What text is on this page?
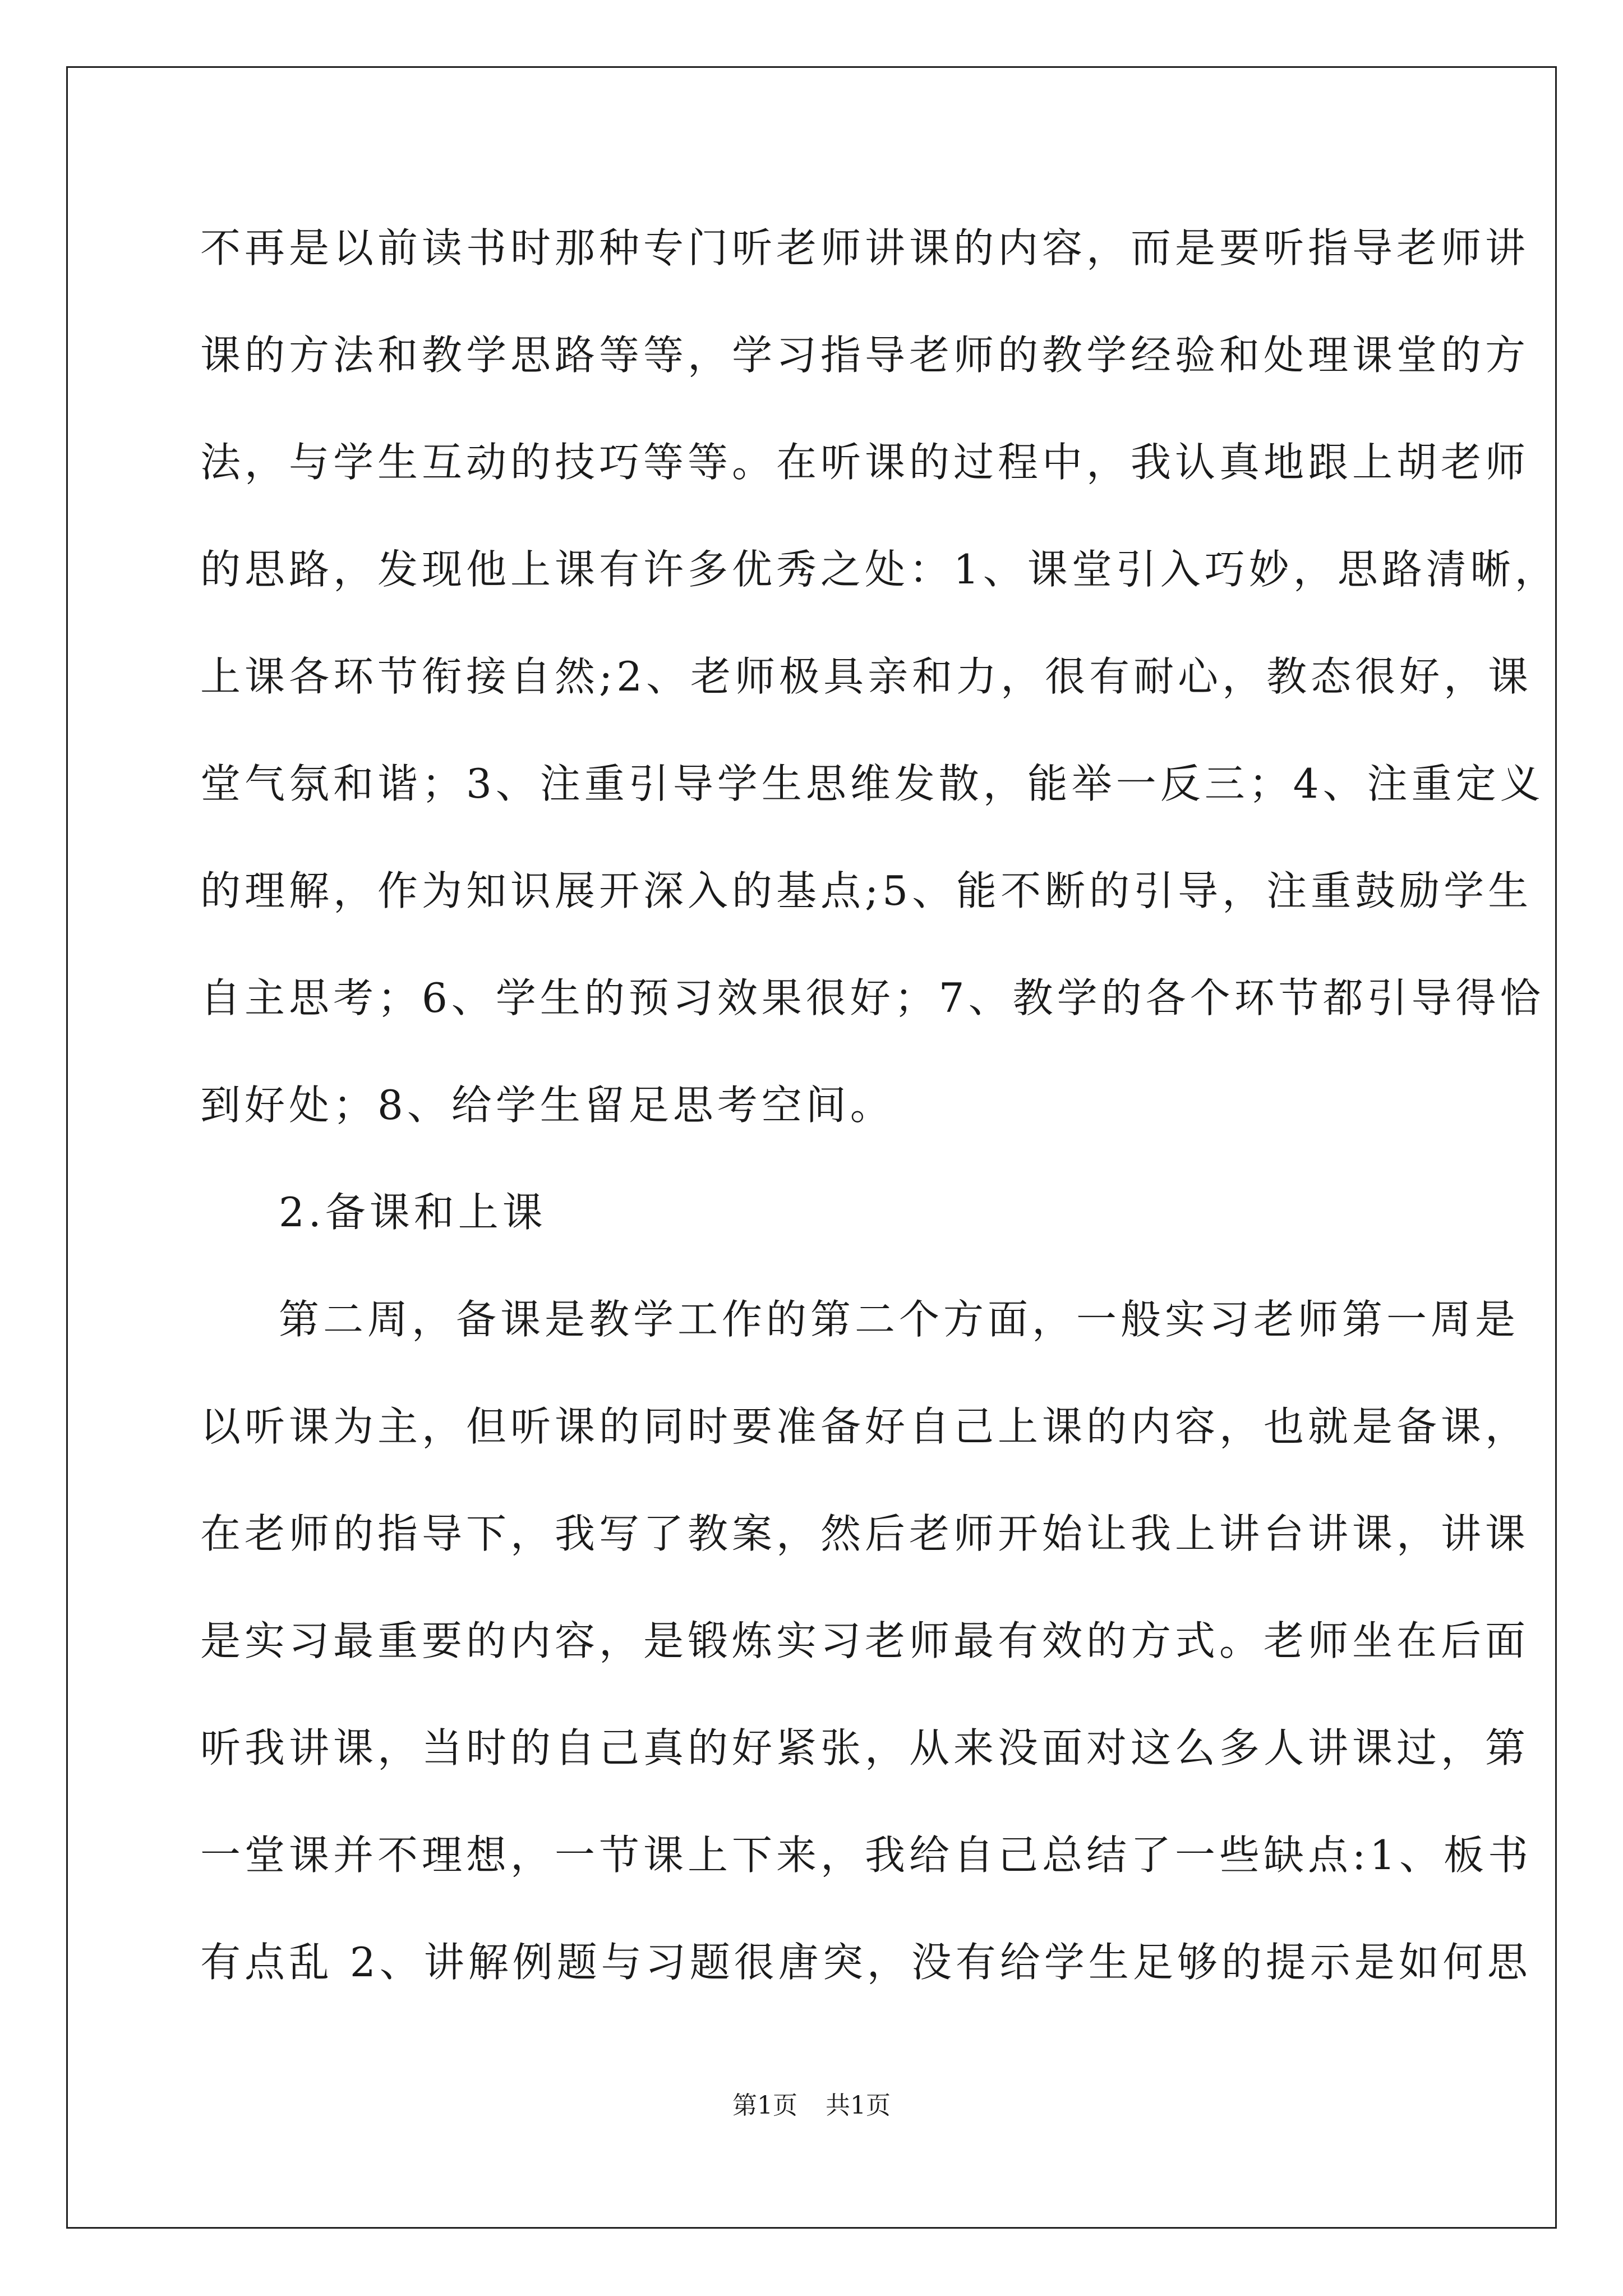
不再是以前读书时那种专门听老师讲课的内容，而是要听指导老师讲
课的方法和教学思路等等，学习指导老师的教学经验和处理课堂的方
法，与学生互动的技巧等等。在听课的过程中，我认真地跟上胡老师
的思路，发现他上课有许多优秀之处：1、课堂引入巧妙，思路清晰，
上课各环节衔接自然;2、老师极具亲和力，很有耐心，教态很好，课
堂气氛和谐；3、注重引导学生思维发散，能举一反三；4、注重定义
的理解，作为知识展开深入的基点;5、能不断的引导，注重鼓励学生
自主思考；6、学生的预习效果很好；7、教学的各个环节都引导得恰
到好处；8、给学生留足思考空间。
2.备课和上课
第二周，备课是教学工作的第二个方面，一般实习老师第一周是
以听课为主，但听课的同时要准备好自己上课的内容，也就是备课，
在老师的指导下，我写了教案，然后老师开始让我上讲台讲课，讲课
是实习最重要的内容，是锻炼实习老师最有效的方式。老师坐在后面
听我讲课，当时的自己真的好紧张，从来没面对这么多人讲课过，第
一堂课并不理想，一节课上下来，我给自己总结了一些缺点:1、板书
有点乱 2、讲解例题与习题很唐突，没有给学生足够的提示是如何思
第1页 共1页
